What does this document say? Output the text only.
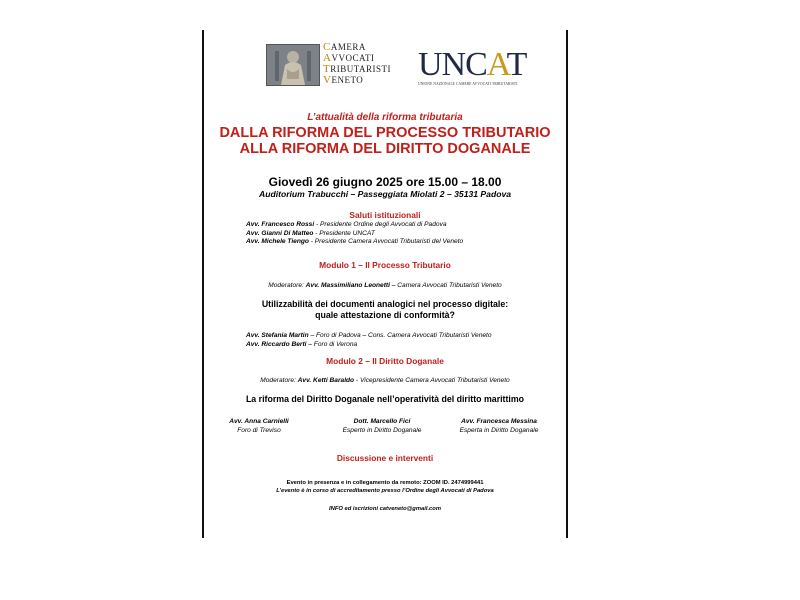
CAMERA
AVVOCATI
TRIBUTARISTI
VENETO	UNCAT
UNIONE NAZIONALE CAMERE AVVOCATI TRIBUTARISTI
L’attualità della riforma tributaria
DALLA RIFORMA DEL PROCESSO TRIBUTARIO
ALLA RIFORMA DEL DIRITTO DOGANALE
Giovedì 26 giugno 2025 ore 15.00 – 18.00
Auditorium Trabucchi – Passeggiata Miolati 2 – 35131 Padova
Saluti istituzionali
Avv. Francesco Rossi - Presidente Ordine degli Avvocati di Padova
Avv. Gianni Di Matteo - Presidente UNCAT
Avv. Michele Tiengo - Presidente Camera Avvocati Tributaristi del Veneto
Modulo 1 – Il Processo Tributario
Moderatore: Avv. Massimiliano Leonetti – Camera Avvocati Tributaristi Veneto
Utilizzabilità dei documenti analogici nel processo digitale:
quale attestazione di conformità?
Avv. Stefania Martin – Foro di Padova – Cons. Camera Avvocati Tributaristi Veneto
Avv. Riccardo Berti – Foro di Verona
Modulo 2 – Il Diritto Doganale
Moderatore: Avv. Ketti Baraldo - Vicepresidente Camera Avvocati Tributaristi Veneto
La riforma del Diritto Doganale nell’operatività del diritto marittimo
Avv. Anna Carnielli
Foro di Treviso
Dott. Marcello Fici
Esperto in Diritto Doganale
Avv. Francesca Messina
Esperta in Diritto Doganale
Discussione e interventi
Evento in presenza e in collegamento da remoto: ZOOM ID. 2474999441
L’evento è in corso di accreditamento presso l’Ordine degli Avvocati di Padova
INFO ed iscrizioni catveneto@gmail.com
